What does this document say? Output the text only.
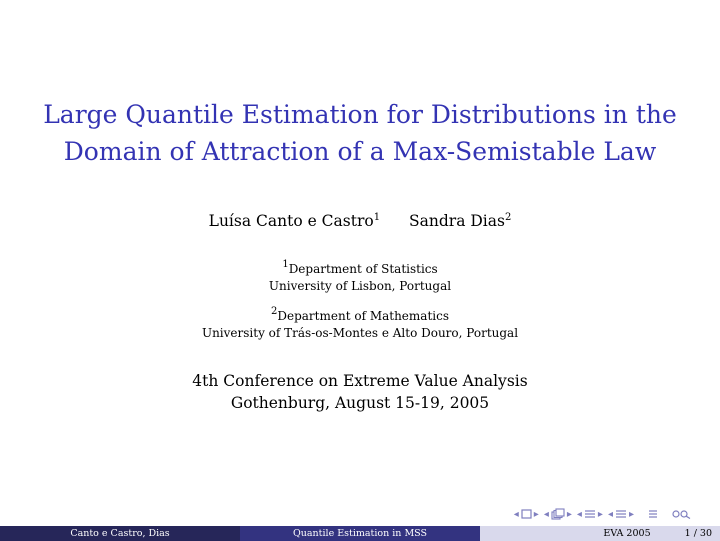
Large Quantile Estimation for Distributions in the
Domain of Attraction of a Max-Semistable Law
Luísa Canto e Castro$^1$ Sandra Dias$^2$
$^1$Department of Statistics
University of Lisbon, Portugal
$^2$Department of Mathematics
University of Trás-os-Montes e Alto Douro, Portugal
4th Conference on Extreme Value Analysis
Gothenburg, August 15-19, 2005
◂ ▸ ◂ ▸ ◂ ▸ ◂ ▸
Canto e Castro, Dias	Quantile Estimation in MSS	EVA 2005	1 / 30
